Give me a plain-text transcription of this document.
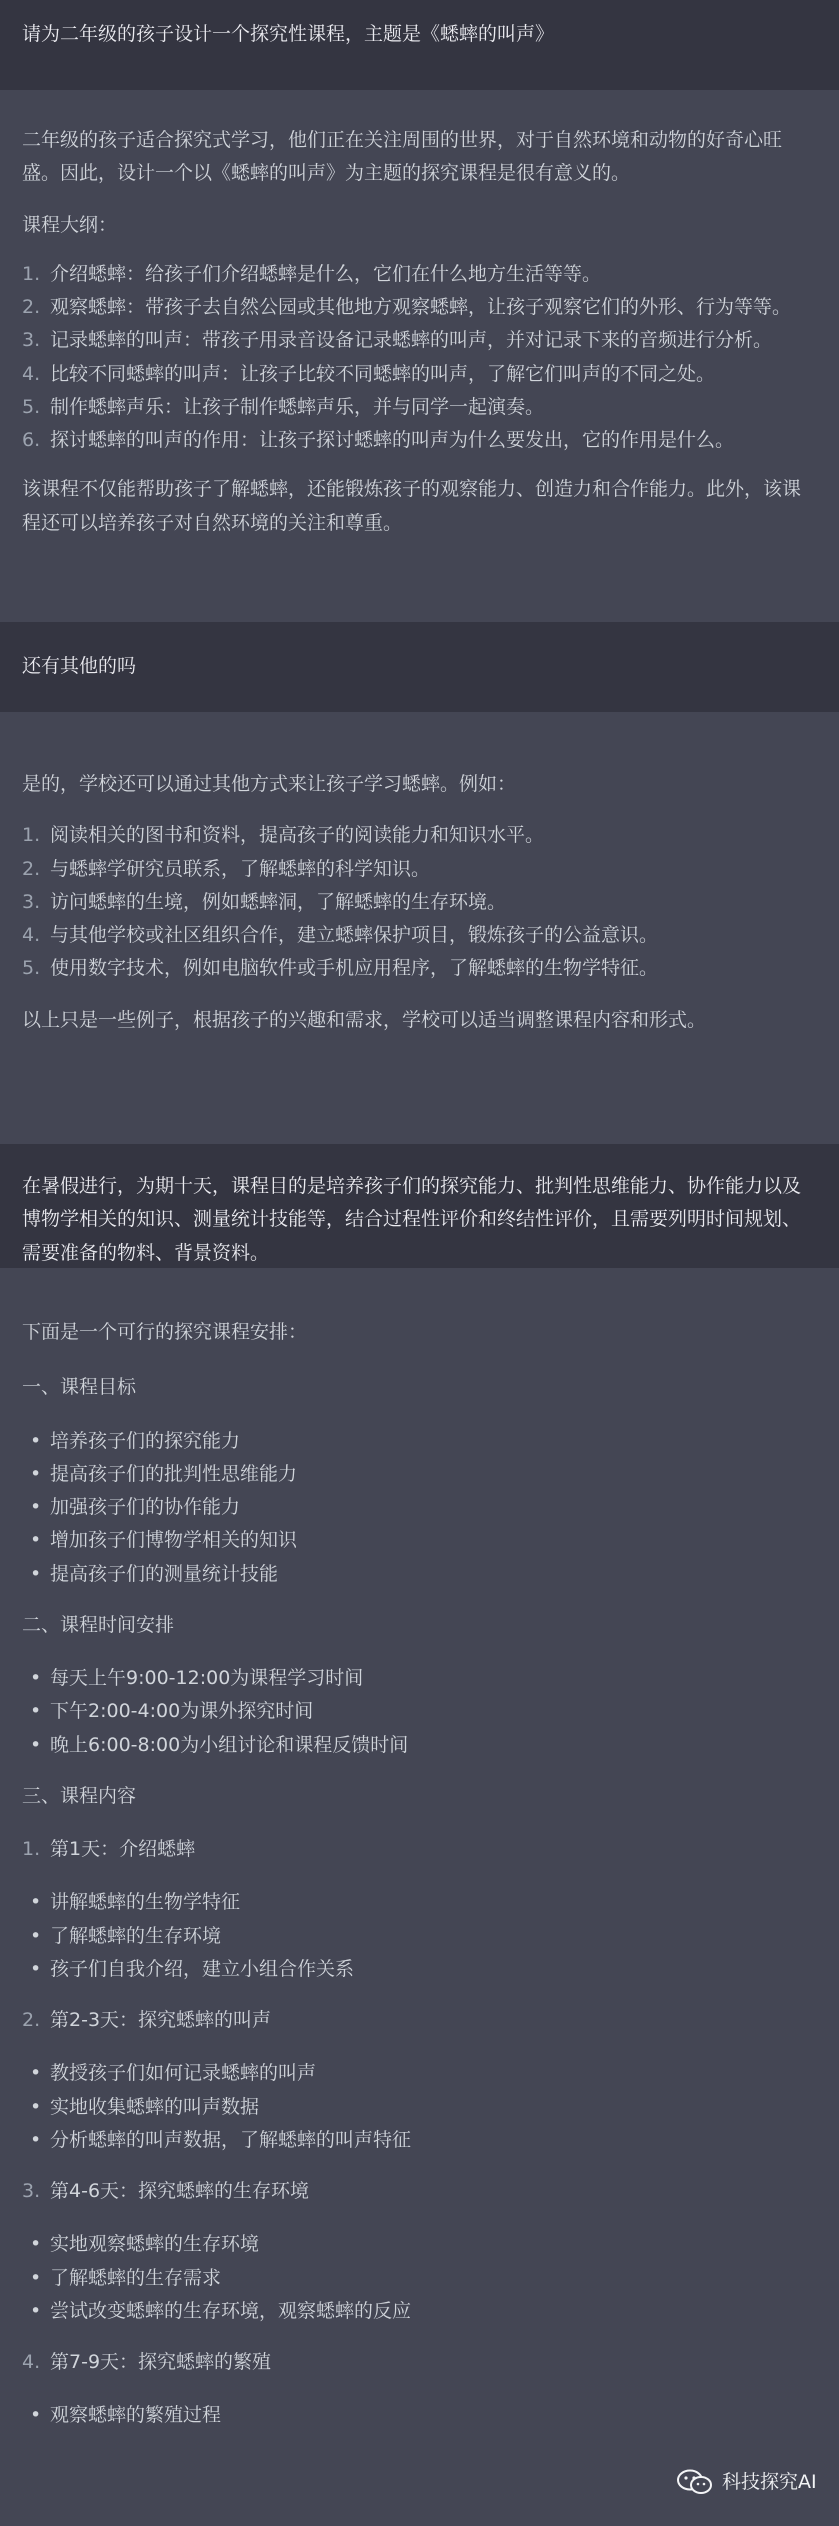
请为二年级的孩子设计一个探究性课程，主题是《蟋蟀的叫声》

二年级的孩子适合探究式学习，他们正在关注周围的世界，对于自然环境和动物的好奇心旺盛。因此，设计一个以《蟋蟀的叫声》为主题的探究课程是很有意义的。

课程大纲：

1. 介绍蟋蟀：给孩子们介绍蟋蟀是什么，它们在什么地方生活等等。
2. 观察蟋蟀：带孩子去自然公园或其他地方观察蟋蟀，让孩子观察它们的外形、行为等等。
3. 记录蟋蟀的叫声：带孩子用录音设备记录蟋蟀的叫声，并对记录下来的音频进行分析。
4. 比较不同蟋蟀的叫声：让孩子比较不同蟋蟀的叫声，了解它们叫声的不同之处。
5. 制作蟋蟀声乐：让孩子制作蟋蟀声乐，并与同学一起演奏。
6. 探讨蟋蟀的叫声的作用：让孩子探讨蟋蟀的叫声为什么要发出，它的作用是什么。

该课程不仅能帮助孩子了解蟋蟀，还能锻炼孩子的观察能力、创造力和合作能力。此外，该课程还可以培养孩子对自然环境的关注和尊重。

还有其他的吗

是的，学校还可以通过其他方式来让孩子学习蟋蟀。例如：

1. 阅读相关的图书和资料，提高孩子的阅读能力和知识水平。
2. 与蟋蟀学研究员联系，了解蟋蟀的科学知识。
3. 访问蟋蟀的生境，例如蟋蟀洞，了解蟋蟀的生存环境。
4. 与其他学校或社区组织合作，建立蟋蟀保护项目，锻炼孩子的公益意识。
5. 使用数字技术，例如电脑软件或手机应用程序，了解蟋蟀的生物学特征。

以上只是一些例子，根据孩子的兴趣和需求，学校可以适当调整课程内容和形式。

在暑假进行，为期十天，课程目的是培养孩子们的探究能力、批判性思维能力、协作能力以及博物学相关的知识、测量统计技能等，结合过程性评价和终结性评价，且需要列明时间规划、需要准备的物料、背景资料。

下面是一个可行的探究课程安排：

一、课程目标

• 培养孩子们的探究能力
• 提高孩子们的批判性思维能力
• 加强孩子们的协作能力
• 增加孩子们博物学相关的知识
• 提高孩子们的测量统计技能

二、课程时间安排

• 每天上午9:00-12:00为课程学习时间
• 下午2:00-4:00为课外探究时间
• 晚上6:00-8:00为小组讨论和课程反馈时间

三、课程内容

1. 第1天：介绍蟋蟀
• 讲解蟋蟀的生物学特征
• 了解蟋蟀的生存环境
• 孩子们自我介绍，建立小组合作关系
2. 第2-3天：探究蟋蟀的叫声
• 教授孩子们如何记录蟋蟀的叫声
• 实地收集蟋蟀的叫声数据
• 分析蟋蟀的叫声数据，了解蟋蟀的叫声特征
3. 第4-6天：探究蟋蟀的生存环境
• 实地观察蟋蟀的生存环境
• 了解蟋蟀的生存需求
• 尝试改变蟋蟀的生存环境，观察蟋蟀的反应
4. 第7-9天：探究蟋蟀的繁殖
• 观察蟋蟀的繁殖过程
科技探究AI
